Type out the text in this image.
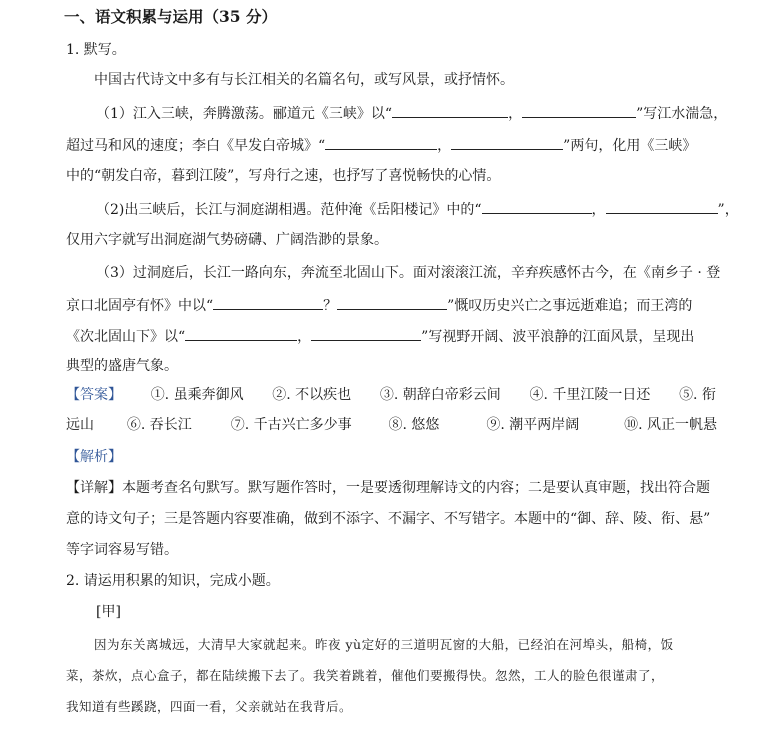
一、语文积累与运用（35 分）
1. 默写。
中国古代诗文中多有与长江相关的名篇名句，或写风景，或抒情怀。
（1）江入三峡，奔腾激荡。郦道元《三峡》以“	，	”写江水湍急，
超过马和风的速度；李白《早发白帝城》“	，	”两句，化用《三峡》
中的“朝发白帝，暮到江陵”，写舟行之速，也抒写了喜悦畅快的心情。
（2)出三峡后，长江与洞庭湖相遇。范仲淹《岳阳楼记》中的“	，	”，
仅用六字就写出洞庭湖气势磅礴、广阔浩渺的景象。
（3）过洞庭后，长江一路向东，奔流至北固山下。面对滚滚江流，辛弃疾感怀古今，在《南乡子 · 登
京口北固亭有怀》中以“	？	”慨叹历史兴亡之事远逝难追；而王湾的
《次北固山下》以“	，	”写视野开阔、波平浪静的江面风景，呈现出
典型的盛唐气象。
【答案】 ①. 虽乘奔御风 ②. 不以疾也 ③. 朝辞白帝彩云间 ④. 千里江陵一日还 ⑤. 衔
远山 ⑥. 吞长江	⑦. 千古兴亡多少事	⑧. 悠悠	⑨. 潮平两岸阔	⑩. 风正一帆悬
【解析】
【详解】本题考查名句默写。默写题作答时，一是要透彻理解诗文的内容；二是要认真审题，找出符合题
意的诗文句子；三是答题内容要准确，做到不添字、不漏字、不写错字。本题中的“御、辞、陵、衔、悬”
等字词容易写错。
2. 请运用积累的知识，完成小题。
[甲]
因为东关离城远，大清早大家就起来。昨夜 yù定好的三道明瓦窗的大船，已经泊在河埠头，船椅，饭
菜，茶炊，点心盒子，都在陆续搬下去了。我笑着跳着，催他们要搬得快。忽然，工人的脸色很谨肃了，
我知道有些蹊跷，四面一看，父亲就站在我背后。
